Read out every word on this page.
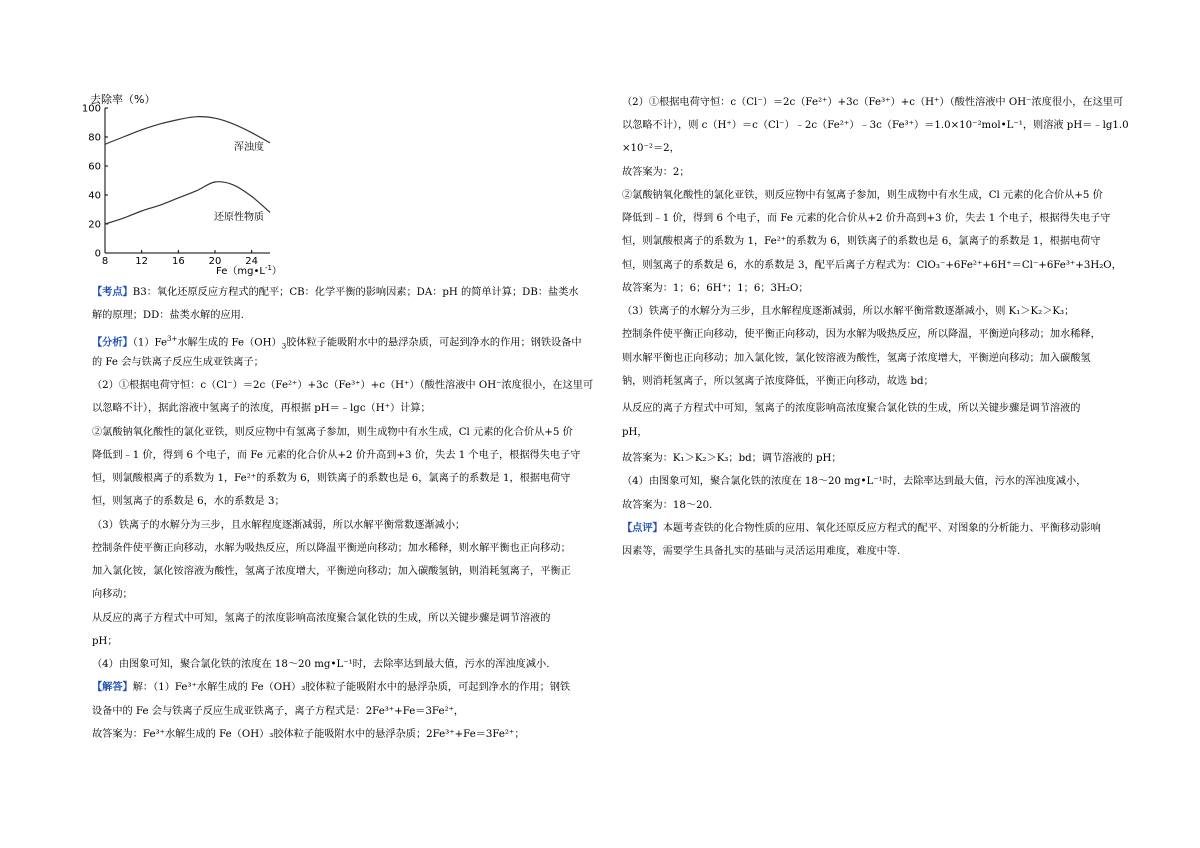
去除率（%）
0
20
40
60
80
100
8	12 16 20 24
浑浊度
还原性物质
$Fe(mg•L^{-1})$

【考点】B3：氧化还原反应方程式的配平；CB：化学平衡的影响因素；DA：pH 的简单计算；DB：盐类水

解的原理；DD：盐类水解的应用.

【分析】$(1)Fe^{3+}$水解生成的 $Fe(OH)_3$胶体粒子能吸附水中的悬浮杂质，可起到净水的作用；钢铁设备中

的 Fe 会与铁离子反应生成亚铁离子；

（2）①根据电荷守恒：c（Cl⁻）＝2c（Fe²⁺）+3c（Fe³⁺）+c（H⁺）（酸性溶液中 OH⁻浓度很小，在这里可

以忽略不计），据此溶液中氢离子的浓度，再根据 pH＝﹣lgc（H⁺）计算；

②氯酸钠氧化酸性的氯化亚铁，则反应物中有氢离子参加，则生成物中有水生成，Cl 元素的化合价从+5 价

降低到﹣1 价，得到 6 个电子，而 Fe 元素的化合价从+2 价升高到+3 价，失去 1 个电子，根据得失电子守

恒，则氯酸根离子的系数为 1，Fe²⁺的系数为 6，则铁离子的系数也是 6，氯离子的系数是 1，根据电荷守

恒，则氢离子的系数是 6，水的系数是 3；

（3）铁离子的水解分为三步，且水解程度逐渐减弱，所以水解平衡常数逐渐减小；

控制条件使平衡正向移动，水解为吸热反应，所以降温平衡逆向移动；加水稀释，则水解平衡也正向移动；

加入氯化铵，氯化铵溶液为酸性，氢离子浓度增大，平衡逆向移动；加入碳酸氢钠，则消耗氢离子，平衡正

向移动；

从反应的离子方程式中可知，氢离子的浓度影响高浓度聚合氯化铁的生成，所以关键步骤是调节溶液的

pH；

（4）由图象可知，聚合氯化铁的浓度在 18～20 mg•L⁻¹时，去除率达到最大值，污水的浑浊度减小.

【解答】解：（1）Fe³⁺水解生成的 Fe（OH）₃胶体粒子能吸附水中的悬浮杂质，可起到净水的作用；钢铁

设备中的 Fe 会与铁离子反应生成亚铁离子，离子方程式是：2Fe³⁺+Fe＝3Fe²⁺，

故答案为：Fe³⁺水解生成的 Fe（OH）₃胶体粒子能吸附水中的悬浮杂质；2Fe³⁺+Fe＝3Fe²⁺；

（2）①根据电荷守恒：c（Cl⁻）＝2c（Fe²⁺）+3c（Fe³⁺）+c（H⁺）（酸性溶液中 OH⁻浓度很小，在这里可

以忽略不计），则 c（H⁺）＝c（Cl⁻）﹣2c（Fe²⁺）﹣3c（Fe³⁺）＝1.0×10⁻²mol•L⁻¹，则溶液 pH＝﹣lg1.0

×10⁻²＝2，

故答案为：2；

②氯酸钠氧化酸性的氯化亚铁，则反应物中有氢离子参加，则生成物中有水生成，Cl 元素的化合价从+5 价

降低到﹣1 价，得到 6 个电子，而 Fe 元素的化合价从+2 价升高到+3 价，失去 1 个电子，根据得失电子守

恒，则氯酸根离子的系数为 1，Fe²⁺的系数为 6，则铁离子的系数也是 6，氯离子的系数是 1，根据电荷守

恒，则氢离子的系数是 6，水的系数是 3，配平后离子方程式为：ClO₃⁻+6Fe²⁺+6H⁺＝Cl⁻+6Fe³⁺+3H₂O，

故答案为：1；6；6H⁺；1；6；3H₂O；

（3）铁离子的水解分为三步，且水解程度逐渐减弱，所以水解平衡常数逐渐减小，则 K₁＞K₂＞K₃；

控制条件使平衡正向移动，使平衡正向移动，因为水解为吸热反应，所以降温，平衡逆向移动；加水稀释，

则水解平衡也正向移动；加入氯化铵，氯化铵溶液为酸性，氢离子浓度增大，平衡逆向移动；加入碳酸氢

钠，则消耗氢离子，所以氢离子浓度降低，平衡正向移动，故选 bd；

从反应的离子方程式中可知，氢离子的浓度影响高浓度聚合氯化铁的生成，所以关键步骤是调节溶液的

pH，

故答案为：K₁＞K₂＞K₃；bd；调节溶液的 pH；

（4）由图象可知，聚合氯化铁的浓度在 18～20 mg•L⁻¹时，去除率达到最大值，污水的浑浊度减小，

故答案为：18～20.

【点评】本题考查铁的化合物性质的应用、氧化还原反应方程式的配平、对图象的分析能力、平衡移动影响

因素等，需要学生具备扎实的基础与灵活运用难度，难度中等.
